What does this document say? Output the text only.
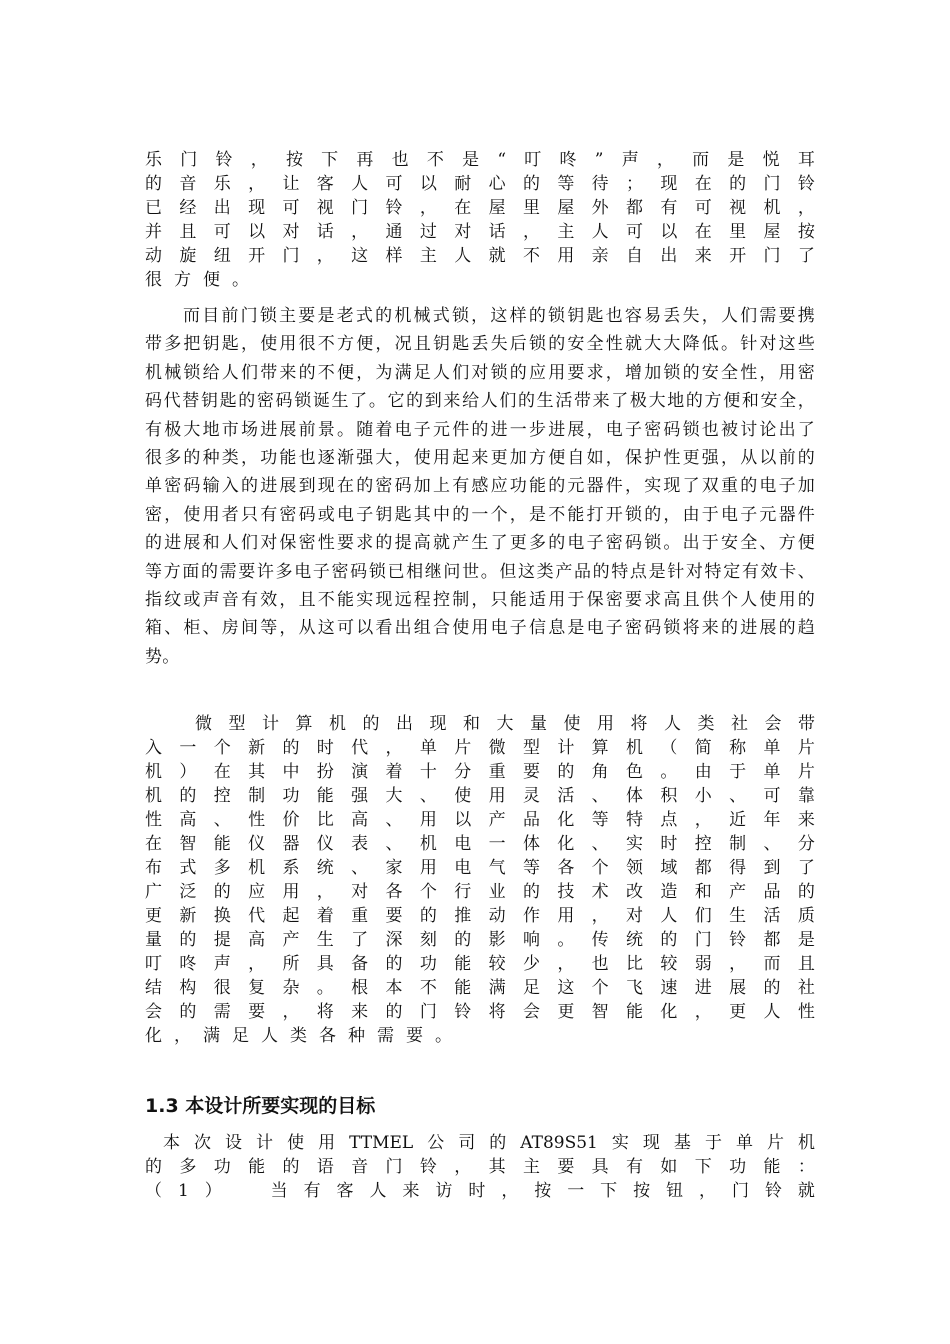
乐 门 铃 ， 按 下 再 也 不 是 “ 叮 咚 ” 声 ， 而 是 悦 耳
的 音 乐 ， 让 客 人 可 以 耐 心 的 等 待 ； 现 在 的 门 铃
已 经 出 现 可 视 门 铃 ， 在 屋 里 屋 外 都 有 可 视 机 ，
并 且 可 以 对 话 ， 通 过 对 话 ， 主 人 可 以 在 里 屋 按
动 旋 纽 开 门 ， 这 样 主 人 就 不 用 亲 自 出 来 开 门 了
很 方 便 。
而目前门锁主要是老式的机械式锁，这样的锁钥匙也容易丢失，人们需要携
带多把钥匙，使用很不方便，况且钥匙丢失后锁的安全性就大大降低。针对这些
机械锁给人们带来的不便，为满足人们对锁的应用要求，增加锁的安全性，用密
码代替钥匙的密码锁诞生了。它的到来给人们的生活带来了极大地的方便和安全，
有极大地市场进展前景。随着电子元件的进一步进展，电子密码锁也被讨论出了
很多的种类，功能也逐渐强大，使用起来更加方便自如，保护性更强，从以前的
单密码输入的进展到现在的密码加上有感应功能的元器件，实现了双重的电子加
密，使用者只有密码或电子钥匙其中的一个，是不能打开锁的，由于电子元器件
的进展和人们对保密性要求的提高就产生了更多的电子密码锁。出于安全、方便
等方面的需要许多电子密码锁已相继问世。但这类产品的特点是针对特定有效卡、
指纹或声音有效，且不能实现远程控制，只能适用于保密要求高且供个人使用的
箱、柜、房间等，从这可以看出组合使用电子信息是电子密码锁将来的进展的趋
势。
微 型 计 算 机 的 出 现 和 大 量 使 用 将 人 类 社 会 带
入 一 个 新 的 时 代 ， 单 片 微 型 计 算 机 （ 简 称 单 片
机 ） 在 其 中 扮 演 着 十 分 重 要 的 角 色 。 由 于 单 片
机 的 控 制 功 能 强 大 、 使 用 灵 活 、 体 积 小 、 可 靠
性 高 、 性 价 比 高 、 用 以 产 品 化 等 特 点 ， 近 年 来
在 智 能 仪 器 仪 表 、 机 电 一 体 化 、 实 时 控 制 、 分
布 式 多 机 系 统 、 家 用 电 气 等 各 个 领 域 都 得 到 了
广 泛 的 应 用 ， 对 各 个 行 业 的 技 术 改 造 和 产 品 的
更 新 换 代 起 着 重 要 的 推 动 作 用 ， 对 人 们 生 活 质
量 的 提 高 产 生 了 深 刻 的 影 响 。 传 统 的 门 铃 都 是
叮 咚 声 ， 所 具 备 的 功 能 较 少 ， 也 比 较 弱 ， 而 且
结 构 很 复 杂 。 根 本 不 能 满 足 这 个 飞 速 进 展 的 社
会 的 需 要 ， 将 来 的 门 铃 将 会 更 智 能 化 ， 更 人 性
化 ， 满 足 人 类 各 种 需 要 。
1.3 本设计所要实现的目标
本 次 设 计 使 用 TTMEL 公 司 的 AT89S51 实 现 基 于 单 片 机
的 多 功 能 的 语 音 门 铃 ， 其 主 要 具 有 如 下 功 能 ：
（ 1 ）
　	当 有 客 人 来 访 时 ， 按 一 下 按 钮 ， 门 铃 就
